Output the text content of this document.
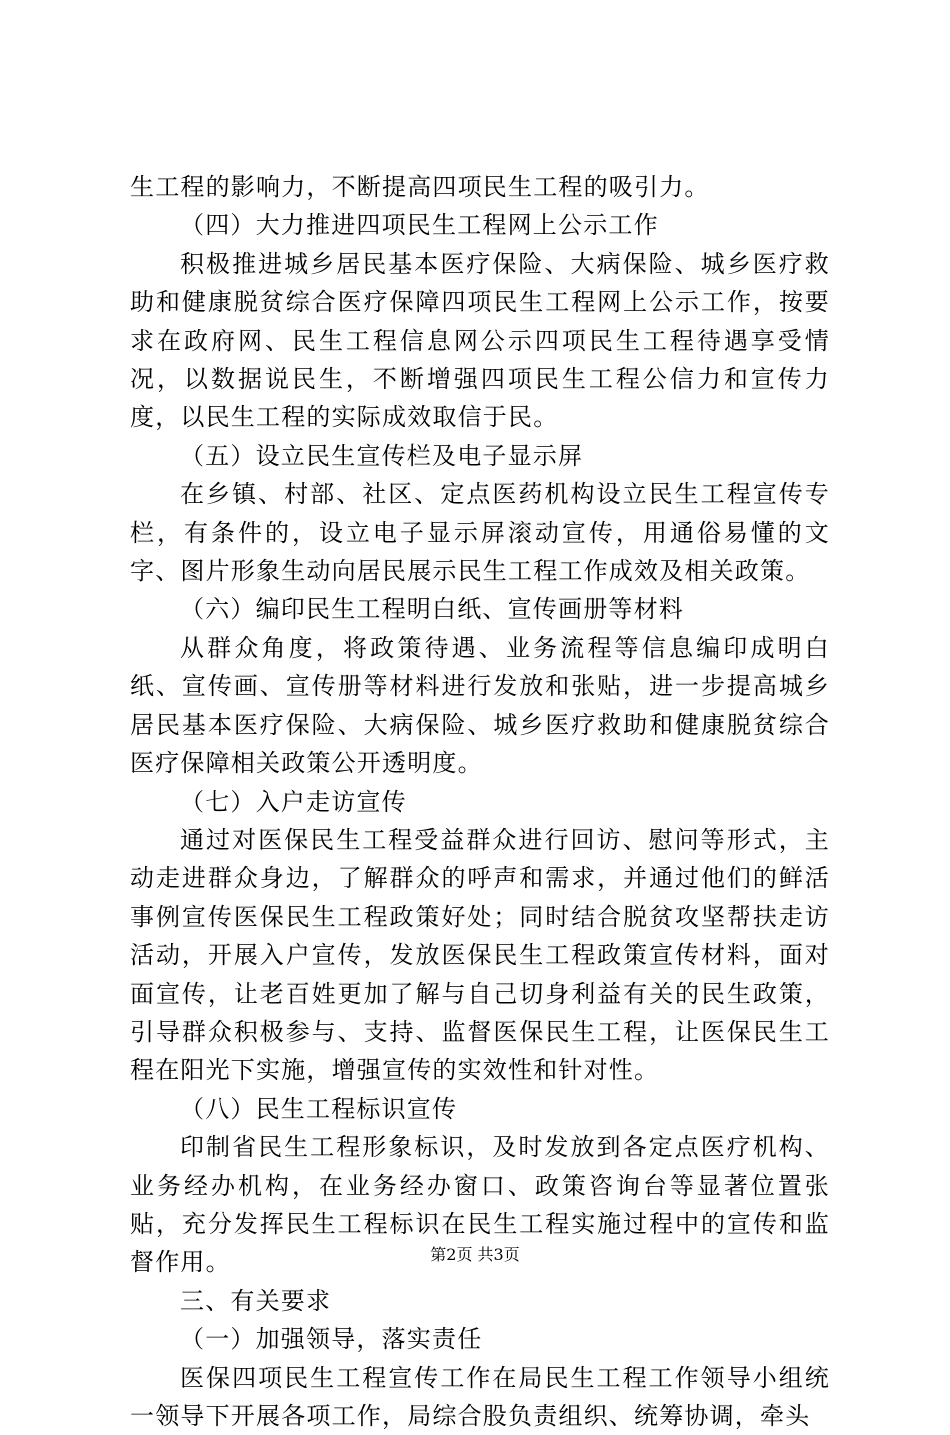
生工程的影响力，不断提高四项民生工程的吸引力。

（四）大力推进四项民生工程网上公示工作

积极推进城乡居民基本医疗保险、大病保险、城乡医疗救助和健康脱贫综合医疗保障四项民生工程网上公示工作，按要求在政府网、民生工程信息网公示四项民生工程待遇享受情况，以数据说民生，不断增强四项民生工程公信力和宣传力度，以民生工程的实际成效取信于民。

（五）设立民生宣传栏及电子显示屏

在乡镇、村部、社区、定点医药机构设立民生工程宣传专栏，有条件的，设立电子显示屏滚动宣传，用通俗易懂的文字、图片形象生动向居民展示民生工程工作成效及相关政策。

（六）编印民生工程明白纸、宣传画册等材料

从群众角度，将政策待遇、业务流程等信息编印成明白纸、宣传画、宣传册等材料进行发放和张贴，进一步提高城乡居民基本医疗保险、大病保险、城乡医疗救助和健康脱贫综合医疗保障相关政策公开透明度。

（七）入户走访宣传

通过对医保民生工程受益群众进行回访、慰问等形式，主动走进群众身边，了解群众的呼声和需求，并通过他们的鲜活事例宣传医保民生工程政策好处；同时结合脱贫攻坚帮扶走访活动，开展入户宣传，发放医保民生工程政策宣传材料，面对面宣传，让老百姓更加了解与自己切身利益有关的民生政策，引导群众积极参与、支持、监督医保民生工程，让医保民生工程在阳光下实施，增强宣传的实效性和针对性。

（八）民生工程标识宣传

印制省民生工程形象标识，及时发放到各定点医疗机构、业务经办机构，在业务经办窗口、政策咨询台等显著位置张贴，充分发挥民生工程标识在民生工程实施过程中的宣传和监督作用。

三、有关要求

（一）加强领导，落实责任

医保四项民生工程宣传工作在局民生工程工作领导小组统一领导下开展各项工作，局综合股负责组织、统筹协调，牵头

第2页 共3页
